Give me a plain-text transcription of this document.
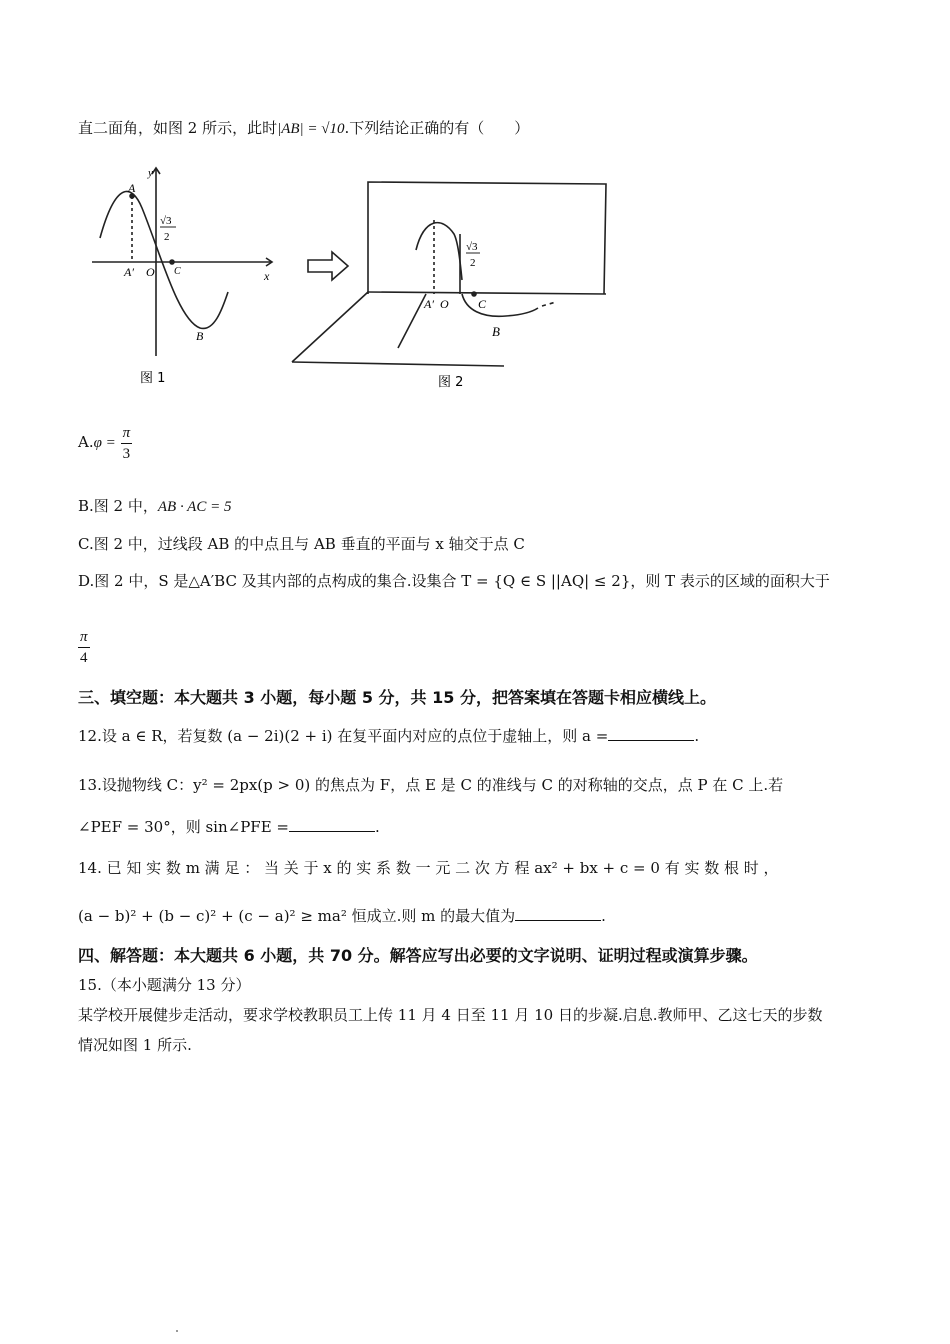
直二面角，如图 2 所示，此时|AB| = √10.下列结论正确的有（　　）
A
y
x
A′ O C
B
√3
2
图 1
√3
2
A′ O C
B
图 2
$A.\varphi = \frac{\pi}{3}$
B.图 2 中，AB · AC = 5
C.图 2 中，过线段 AB 的中点且与 AB 垂直的平面与 x 轴交于点 C
D.图 2 中，S 是△A′BC 及其内部的点构成的集合.设集合 T = {Q ∈ S ||AQ| ≤ 2}，则 T 表示的区域的面积大于
$\frac{\pi}{4}$
三、填空题：本大题共 3 小题，每小题 5 分，共 15 分，把答案填在答题卡相应横线上。
12.设 a ∈ R，若复数 (a − 2i)(2 + i) 在复平面内对应的点位于虚轴上，则 a =	.
13.设抛物线 C：y² = 2px(p > 0) 的焦点为 F，点 E 是 C 的准线与 C 的对称轴的交点，点 P 在 C 上.若
∠PEF = 30°，则 sin∠PFE =	.
14. 已 知 实 数 m 满 足 ： 当 关 于 x 的 实 系 数 一 元 二 次 方 程 ax² + bx + c = 0 有 实 数 根 时 ，
(a − b)² + (b − c)² + (c − a)² ≥ ma² 恒成立.则 m 的最大值为	.
四、解答题：本大题共 6 小题，共 70 分。解答应写出必要的文字说明、证明过程或演算步骤。
15.（本小题满分 13 分）
某学校开展健步走活动，要求学校教职员工上传 11 月 4 日至 11 月 10 日的步凝.启息.教师甲、乙这七天的步数
情况如图 1 所示.
